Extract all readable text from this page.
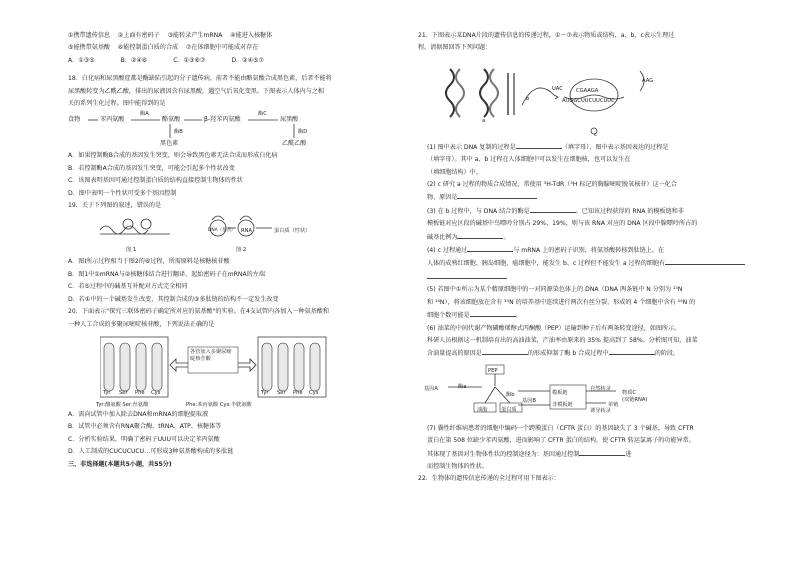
①携带遗传信息 ②上面有密码子 ③能转录产生mRNA ④能进入核糖体
⑤能携带氨基酸 ⑥能控制蛋白质的合成 ⑦在体细胞中可能成对存在
A．①③⑤	B．②④⑥	C．①③⑥⑦	D．②④⑤⑦
18．白化病和尿黑酸症都是酶缺陷引起的分子遗传病，前者不能由酪氨酸合成黑色素，后者不能将
尿黑酸转变为乙酰乙酸，排出的尿液因含有尿黑酸，遇空气后氧化变黑。下图表示人体内与之相
关的系列生化过程。图中能得到的是
食物	苯丙氨酸
酶A
酪氨酸	β-羟苯丙氨酸
酶C
尿黑酸
酶B	酶D
黑色素	乙酰乙酸
A．如果控制酶B合成的基因发生突变，则会导致黑色素无法合成而形成白化病
B．若控制酶A合成的基因发生突变，可能会引起多个性状改变
C．该图表明基因可通过控制蛋白质的结构直接控制生物体的性状
D．图中表明一个性状可受多个基因控制
19．关于下列图的叙述，错误的是
DNA（基因） RNA	蛋白质（性状）
图 1	图 2
A．图Ⅰ所示过程相当于图2的⑥过程，所需原料是核糖核苷酸
B．图1中①mRNA与②核糖体结合进行翻译，起始密码子在mRNA的左端
C．若⑤过程中的碱基互补配对方式完全相同
D．若①中的一个碱基发生改变，其控制合成的③多肽链的结构不一定发生改变
20．下面表示"探究三联体密码子确定所对应的氨基酸"的实验。在4支试管内各加入一种氨基酸和
一种人工合成的多聚尿嘧啶核苷酸，下列说法正确的是
各管加入多聚尿嘧啶核苷酸
Tyr Ser Phe Cys	Tyr Ser Phe Cys
Tyr:酪氨酸 Ser:丝氨酸	Phe:苯丙氨酸 Cys:半胱氨酸
A．需向试管中加入除去DNA和mRNA的细胞提取液
B．试管中必须含有RNA聚合酶、tRNA、ATP、核糖体等
C．分析实验结果，明确了密码子UUU可以决定苯丙氨酸
D．人工制成的CUCUCUCU…可形成3种氨基酸构成的多肽链
三、非选择题(本题共5小题，共55分)
21．下图表示某DNA片段的遗传信息的传递过程，①～⑦表示物质或结构，a、b、c表示生理过
程。请据图回答下列问题：
a
b
c
UAC
AAG
CGAAGA
AUGGCUUCUUCUUC
(1) 图中表示 DNA 复制的过程是	（填字母），图中表示基因表达的过程是
（填字母）。其中 a、b 过程在人体细胞中可以发生在细胞核，也可以发生在
（填细胞结构）中。
(2) c 研究 a 过程的物质合成情况，常使用 ³H-TdR（³H 标记的胸腺嘧啶脱氧核苷）这一化合
物，原因是
(3) 在 b 过程中，与 DNA 结合的酶是	。已知该过程获得的 RNA 的模板链和非
模板链对应区段的碱基中鸟嘌呤分别占 29%、19%，则与该 RNA 对应的 DNA 区段中腺嘌呤所占的
碱基比例为	。
(4) c 过程通过	与 mRNA 上的密码子识别，将氨基酸转移到肽链上。在
人体的成熟红细胞、胰岛细胞、癌细胞中，能发生 b、c 过程但不能发生 a 过程的细胞有
(5) 若图中①所示为某个精原细胞中的一对同源染色体上的 DNA（DNA 两条链中 N 分别为 ¹⁵N
和 ¹⁴N），将该细胞放在含有 ¹⁵N 的培养基中连续进行两次有丝分裂，形成的 4 个细胞中含有 ¹⁵N 的
细胞个数可能是	。
(6) 油菜的中间代谢产物磷酸烯醇式丙酮酸（PEP）运输到种子后有两条转变途径，如图所示。
科研人员根据这一机制培育出的高油油菜，产油率由原来的 35% 提高到了 58%。分析图可知，油菜
含油量提高的原因是	的形成抑制了酶 b 合成过程中	的阶段。
基因A
PEP
酶a
酶b
油脂	蛋白质
基因B
模板链
非模板链
自然转录
诱导转录
单链
物质C
(双链RNA)
(7) 囊性纤维病患者的细胞中编码一个跨膜蛋白（CFTR 蛋白）的基因缺失了 3 个碱基，导致 CFTR
蛋白在第 508 位缺少苯丙氨酸，进而影响了 CFTR 蛋白的结构，使 CFTR 转运氯离子的功能异常。
其体现了基因对生物体性状的控制途径为：基因通过控制	进
而控制生物体的性状。
22．生物体的遗传信息传递的全过程可用下图表示：
